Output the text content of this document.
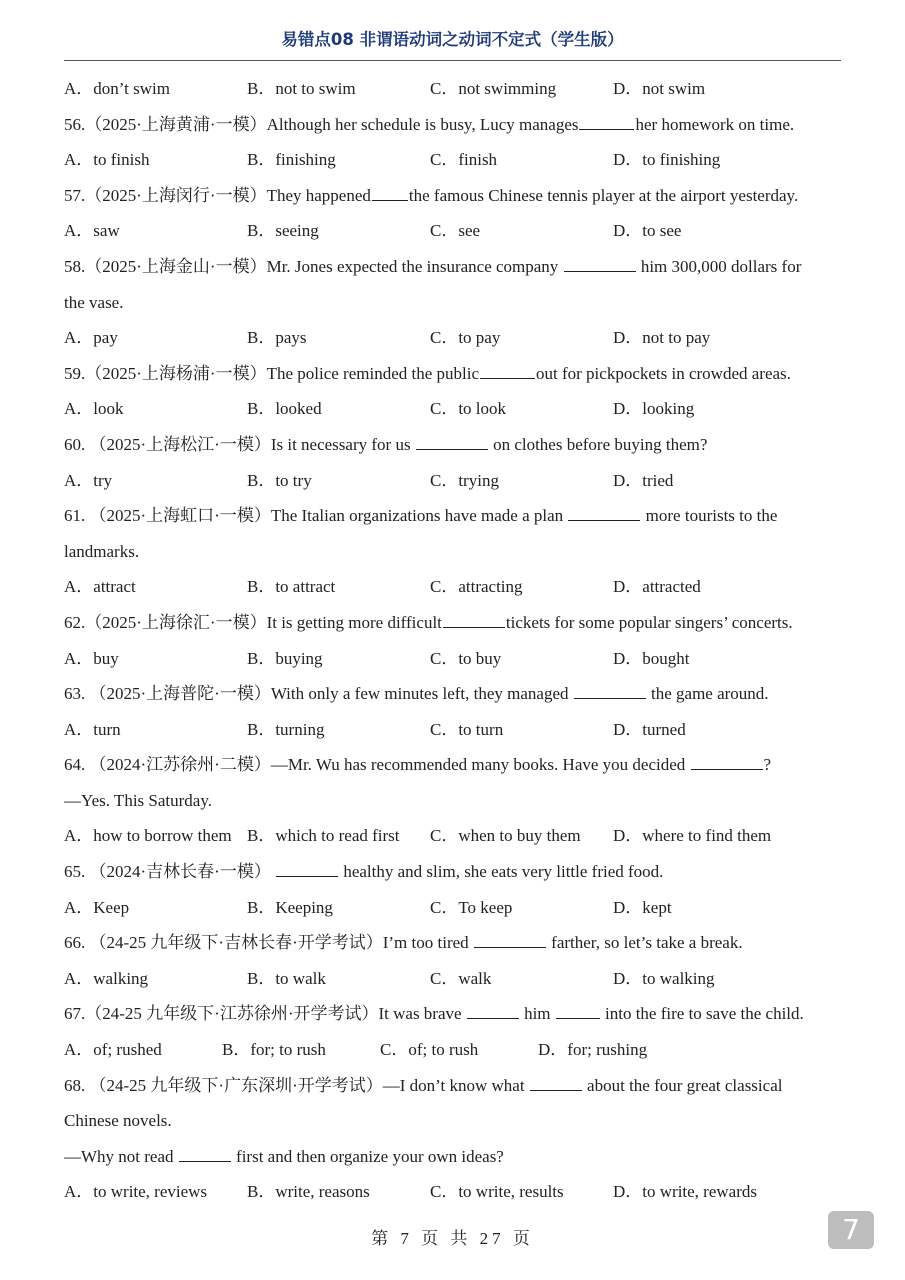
易错点08 非谓语动词之动词不定式（学生版）
A．don’t swim	B．not to swim	C．not swimming	D．not swim
56.（2025·上海黄浦·一模）Although her schedule is busy, Lucy manages	her homework on time.
A．to finish	B．finishing	C．finish	D．to finishing
57.（2025·上海闵行·一模）They happened the famous Chinese tennis player at the airport yesterday.
A．saw	B．seeing	C．see	D．to see
58.（2025·上海金山·一模）Mr. Jones expected the insurance company	him 300,000 dollars for
the vase.
A．pay	B．pays	C．to pay	D．not to pay
59.（2025·上海杨浦·一模）The police reminded the public	out for pickpockets in crowded areas.
A．look	B．looked	C．to look	D．looking
60. （2025·上海松江·一模）Is it necessary for us	on clothes before buying them?
A．try	B．to try	C．trying	D．tried
61. （2025·上海虹口·一模）The Italian organizations have made a plan	more tourists to the
landmarks.
A．attract	B．to attract	C．attracting	D．attracted
62.（2025·上海徐汇·一模）It is getting more difficult	tickets for some popular singers’ concerts.
A．buy	B．buying	C．to buy	D．bought
63. （2025·上海普陀·一模）With only a few minutes left, they managed	the game around.
A．turn	B．turning	C．to turn	D．turned
64. （2024·江苏徐州·二模）—Mr. Wu has recommended many books. Have you decided	?
—Yes. This Saturday.
A．how to borrow them B．which to read first C．when to buy them D．where to find them
65. （2024·吉林长春·一模）	healthy and slim, she eats very little fried food.
A．Keep	B．Keeping	C．To keep	D．kept
66. （24-25 九年级下·吉林长春·开学考试）I’m too tired	farther, so let’s take a break.
A．walking	B．to walk	C．walk	D．to walking
67.（24-25 九年级下·江苏徐州·开学考试）It was brave	him	into the fire to save the child.
A．of; rushed	B．for; to rush	C．of; to rush	D．for; rushing
68. （24-25 九年级下·广东深圳·开学考试）—I don’t know what	about the four great classical
Chinese novels.
—Why not read	first and then organize your own ideas?
A．to write, reviews B．write, reasons	C．to write, results	D．to write, rewards
第 7 页 共 27 页	7
